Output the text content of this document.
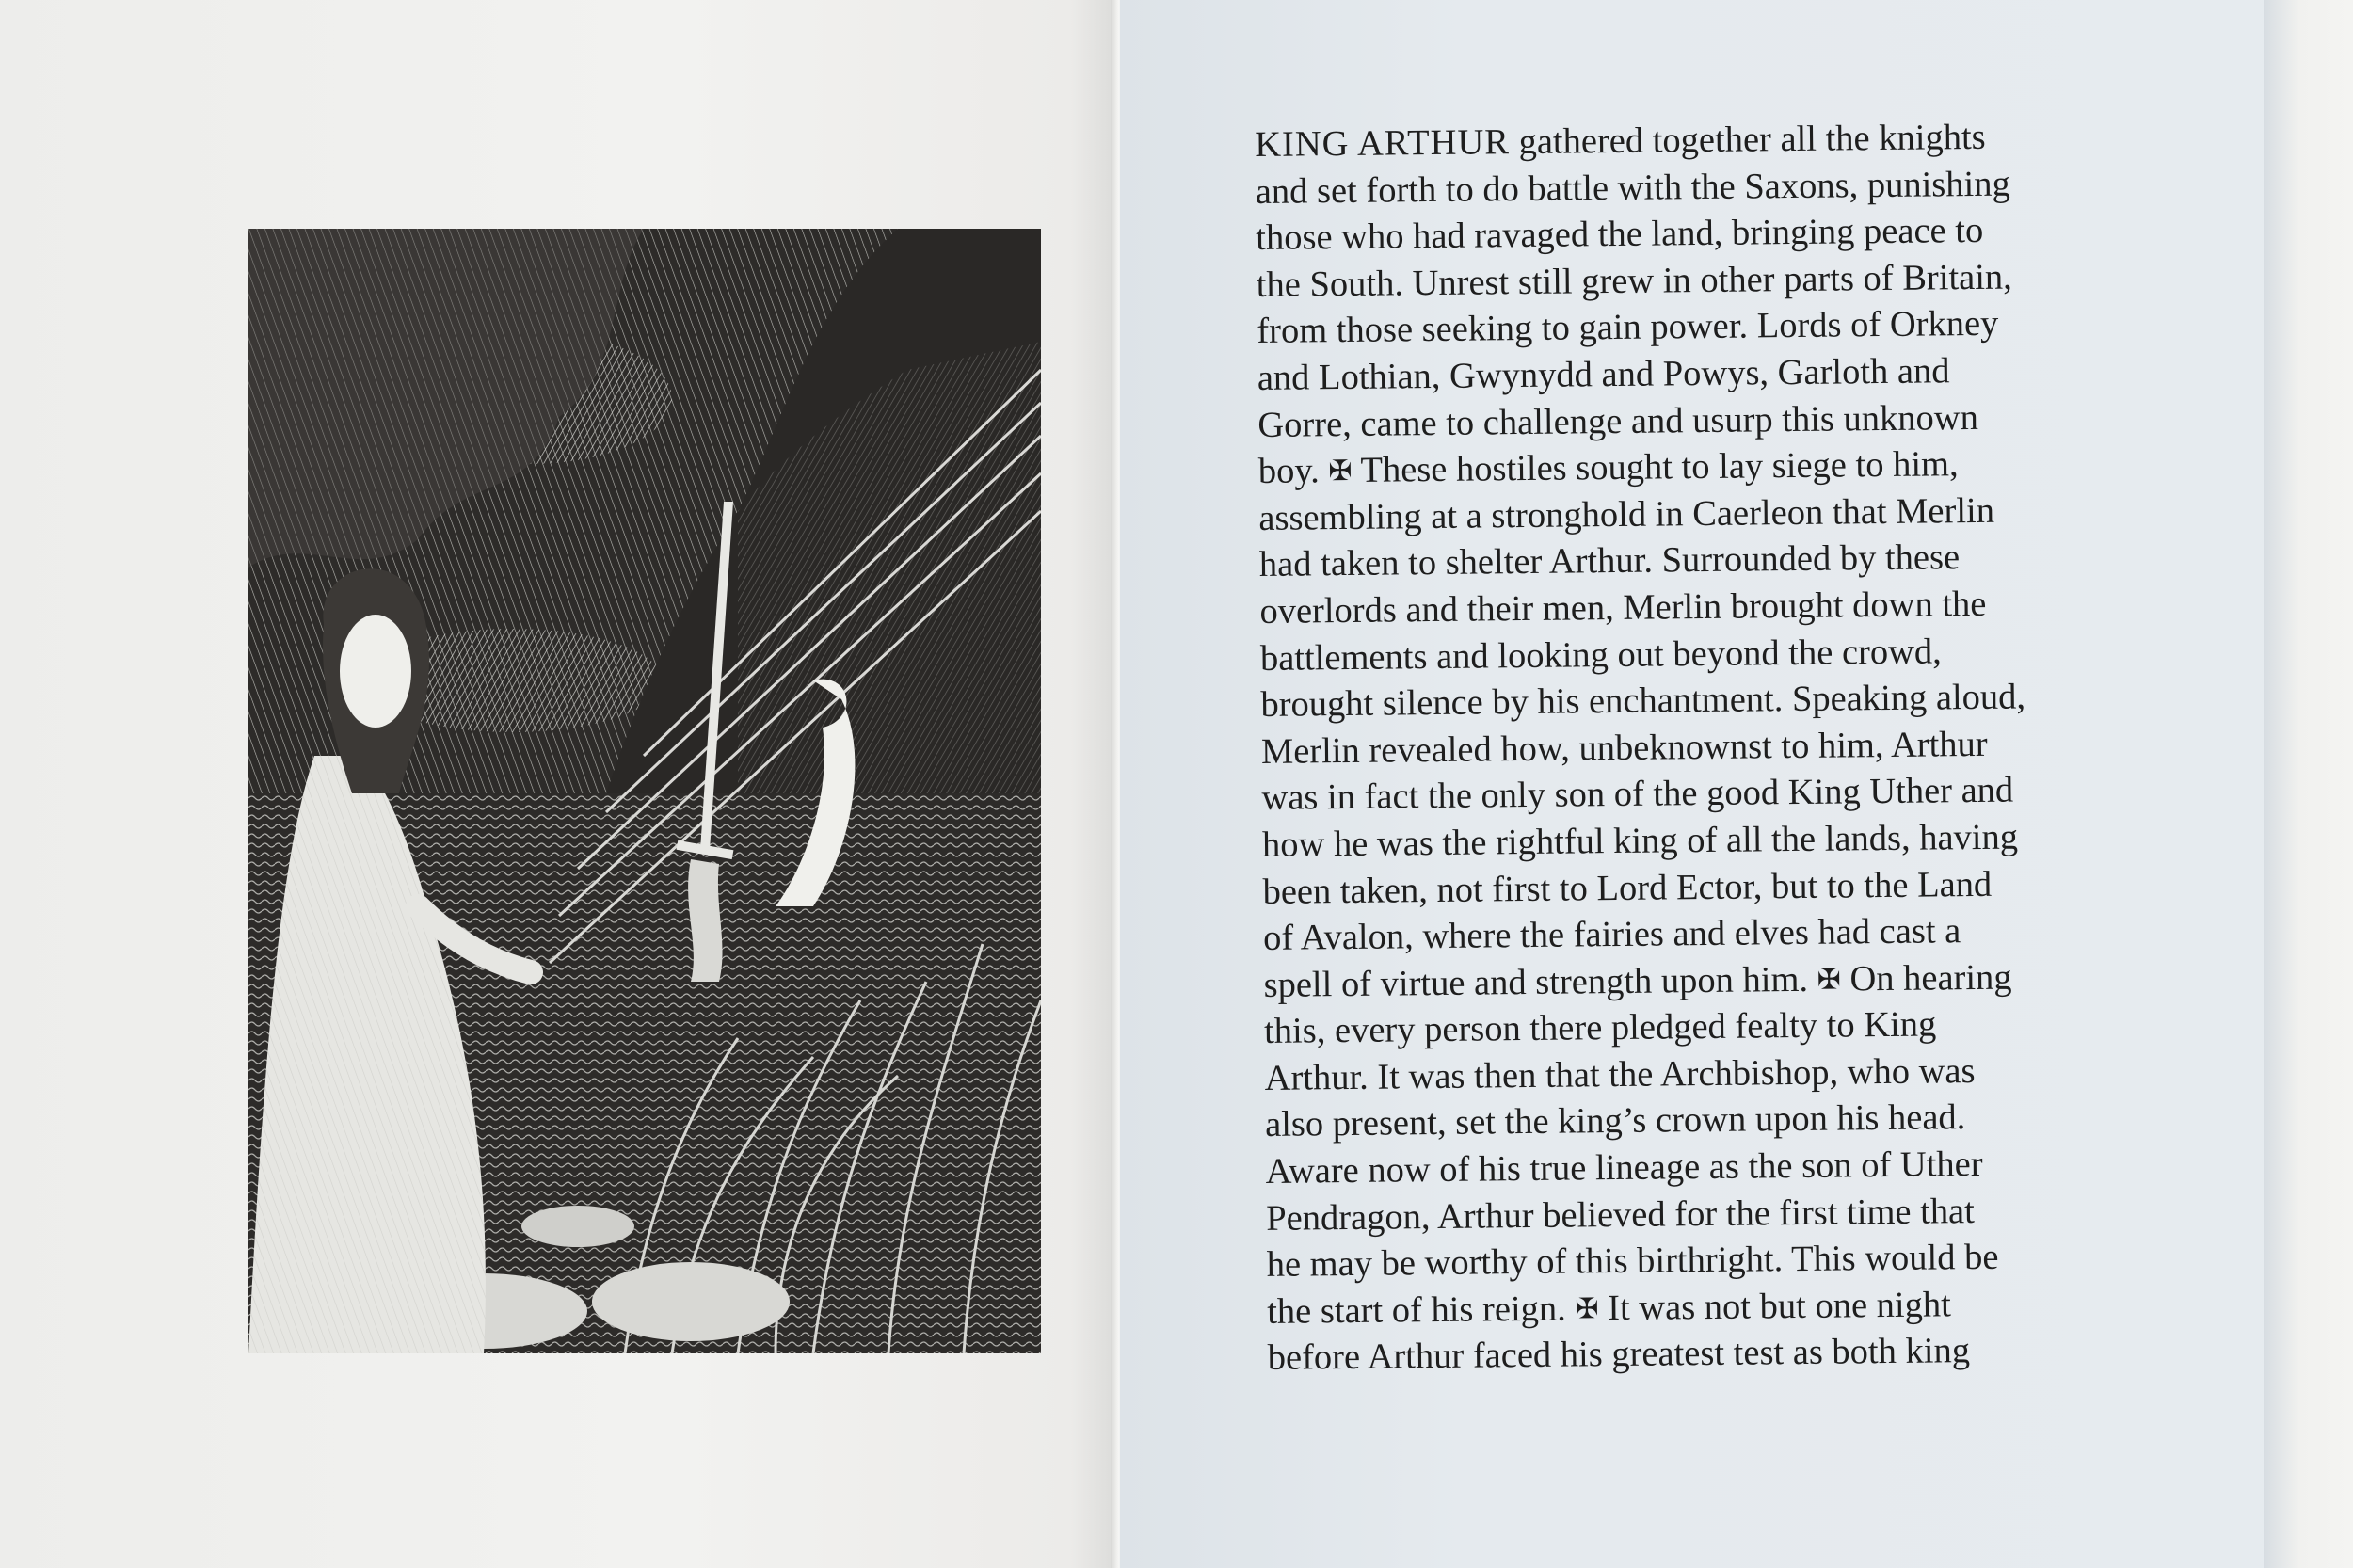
KING ARTHUR gathered together all the knights
and set forth to do battle with the Saxons, punishing
those who had ravaged the land, bringing peace to
the South. Unrest still grew in other parts of Britain,
from those seeking to gain power. Lords of Orkney
and Lothian, Gwynydd and Powys, Garloth and
Gorre, came to challenge and usurp this unknown
boy. ✠ These hostiles sought to lay siege to him,
assembling at a stronghold in Caerleon that Merlin
had taken to shelter Arthur. Surrounded by these
overlords and their men, Merlin brought down the
battlements and looking out beyond the crowd,
brought silence by his enchantment. Speaking aloud,
Merlin revealed how, unbeknownst to him, Arthur
was in fact the only son of the good King Uther and
how he was the rightful king of all the lands, having
been taken, not first to Lord Ector, but to the Land
of Avalon, where the fairies and elves had cast a
spell of virtue and strength upon him. ✠ On hearing
this, every person there pledged fealty to King
Arthur. It was then that the Archbishop, who was
also present, set the king’s crown upon his head.
Aware now of his true lineage as the son of Uther
Pendragon, Arthur believed for the first time that
he may be worthy of this birthright. This would be
the start of his reign. ✠ It was not but one night
before Arthur faced his greatest test as both king
